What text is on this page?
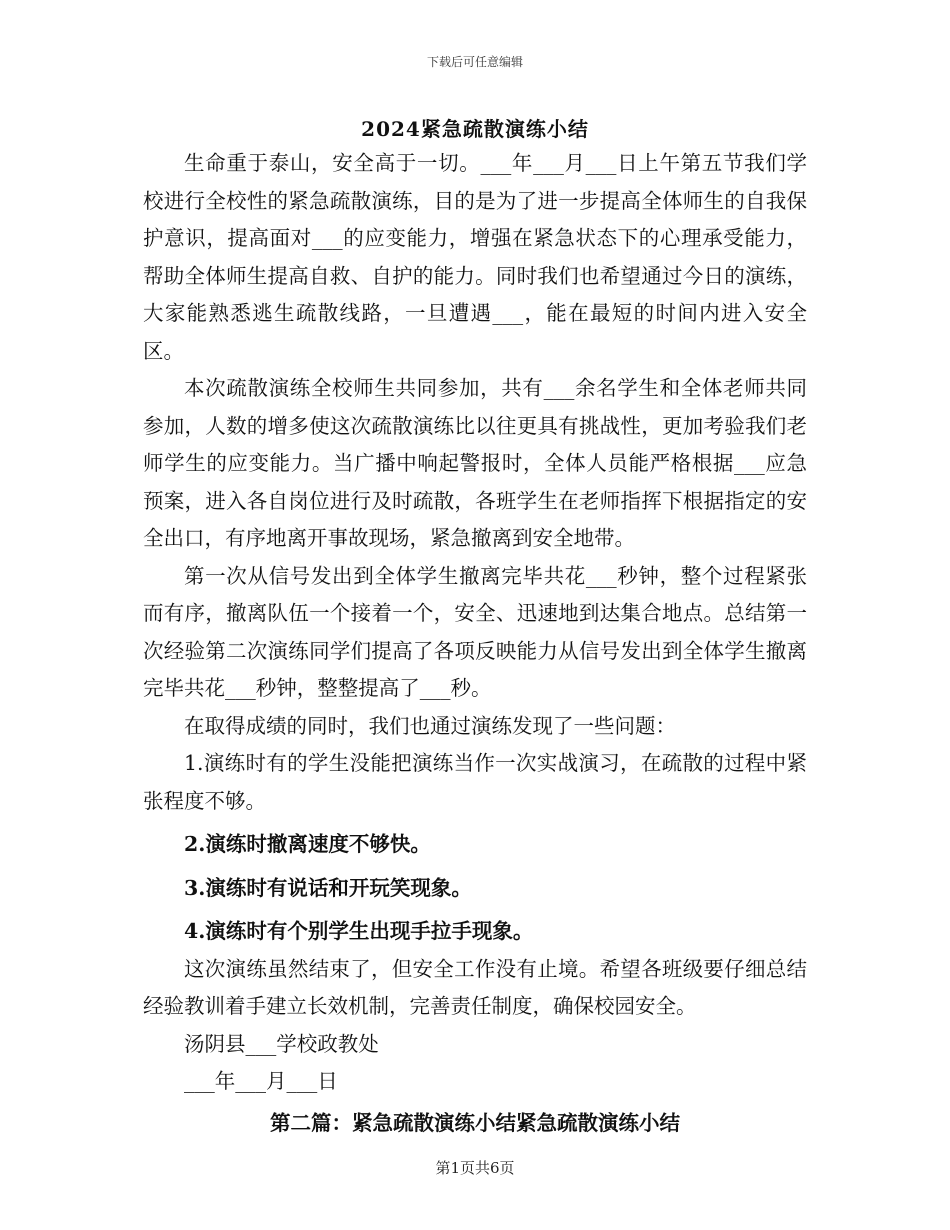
下载后可任意编辑
2024紧急疏散演练小结

生命重于泰山，安全高于一切。___年___月___日上午第五节我们学校进行全校性的紧急疏散演练，目的是为了进一步提高全体师生的自我保护意识，提高面对___的应变能力，增强在紧急状态下的心理承受能力，帮助全体师生提高自救、自护的能力。同时我们也希望通过今日的演练，大家能熟悉逃生疏散线路，一旦遭遇___，能在最短的时间内进入安全区。

本次疏散演练全校师生共同参加，共有___余名学生和全体老师共同参加，人数的增多使这次疏散演练比以往更具有挑战性，更加考验我们老师学生的应变能力。当广播中响起警报时，全体人员能严格根据___应急预案，进入各自岗位进行及时疏散，各班学生在老师指挥下根据指定的安全出口，有序地离开事故现场，紧急撤离到安全地带。

第一次从信号发出到全体学生撤离完毕共花___秒钟，整个过程紧张而有序，撤离队伍一个接着一个，安全、迅速地到达集合地点。总结第一次经验第二次演练同学们提高了各项反映能力从信号发出到全体学生撤离完毕共花___秒钟，整整提高了___秒。

在取得成绩的同时，我们也通过演练发现了一些问题：

1.演练时有的学生没能把演练当作一次实战演习，在疏散的过程中紧张程度不够。

2.演练时撤离速度不够快。

3.演练时有说话和开玩笑现象。

4.演练时有个别学生出现手拉手现象。

这次演练虽然结束了，但安全工作没有止境。希望各班级要仔细总结经验教训着手建立长效机制，完善责任制度，确保校园安全。

汤阴县___学校政教处

___年___月___日

第二篇：紧急疏散演练小结紧急疏散演练小结

第1页共6页
